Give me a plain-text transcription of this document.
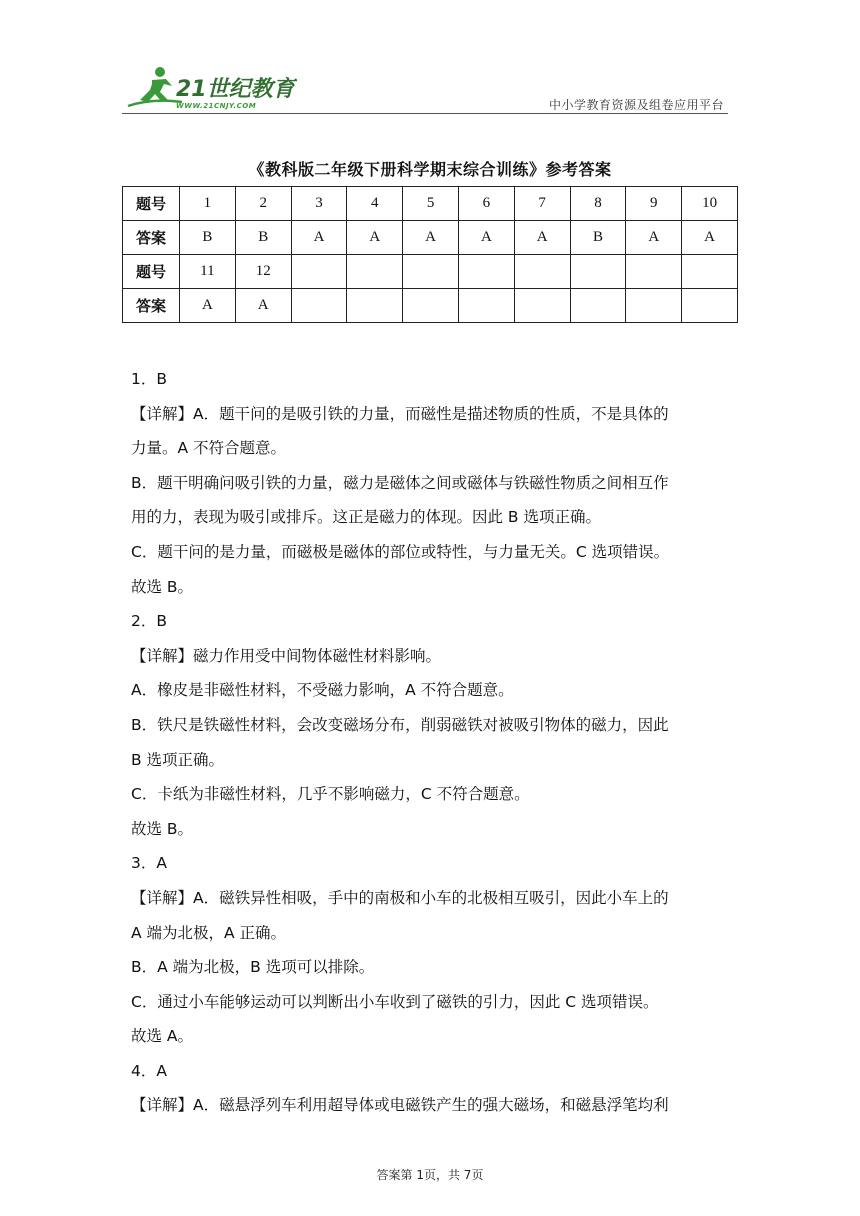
21世纪教育
WWW.21CNJY.COM	中小学教育资源及组卷应用平台
《教科版二年级下册科学期末综合训练》参考答案
题号	1	2	3	4	5	6	7	8	9	10
答案	B	B	A	A	A	A	A	B	A	A
题号	11	12								
答案	A	A								

1．B

【详解】A．题干问的是吸引铁的力量，而磁性是描述物质的性质，不是具体的

力量。A 不符合题意。

B．题干明确问吸引铁的力量，磁力是磁体之间或磁体与铁磁性物质之间相互作

用的力，表现为吸引或排斥。这正是磁力的体现。因此 B 选项正确。

C．题干问的是力量，而磁极是磁体的部位或特性，与力量无关。C 选项错误。

故选 B。

2．B

【详解】磁力作用受中间物体磁性材料影响。

A．橡皮是非磁性材料，不受磁力影响，A 不符合题意。

B．铁尺是铁磁性材料，会改变磁场分布，削弱磁铁对被吸引物体的磁力，因此

B 选项正确。

C．卡纸为非磁性材料，几乎不影响磁力，C 不符合题意。

故选 B。

3．A

【详解】A．磁铁异性相吸，手中的南极和小车的北极相互吸引，因此小车上的

A 端为北极，A 正确。

B．A 端为北极，B 选项可以排除。

C．通过小车能够运动可以判断出小车收到了磁铁的引力，因此 C 选项错误。

故选 A。

4．A

【详解】A．磁悬浮列车利用超导体或电磁铁产生的强大磁场，和磁悬浮笔均利

答案第 1页，共 7页
